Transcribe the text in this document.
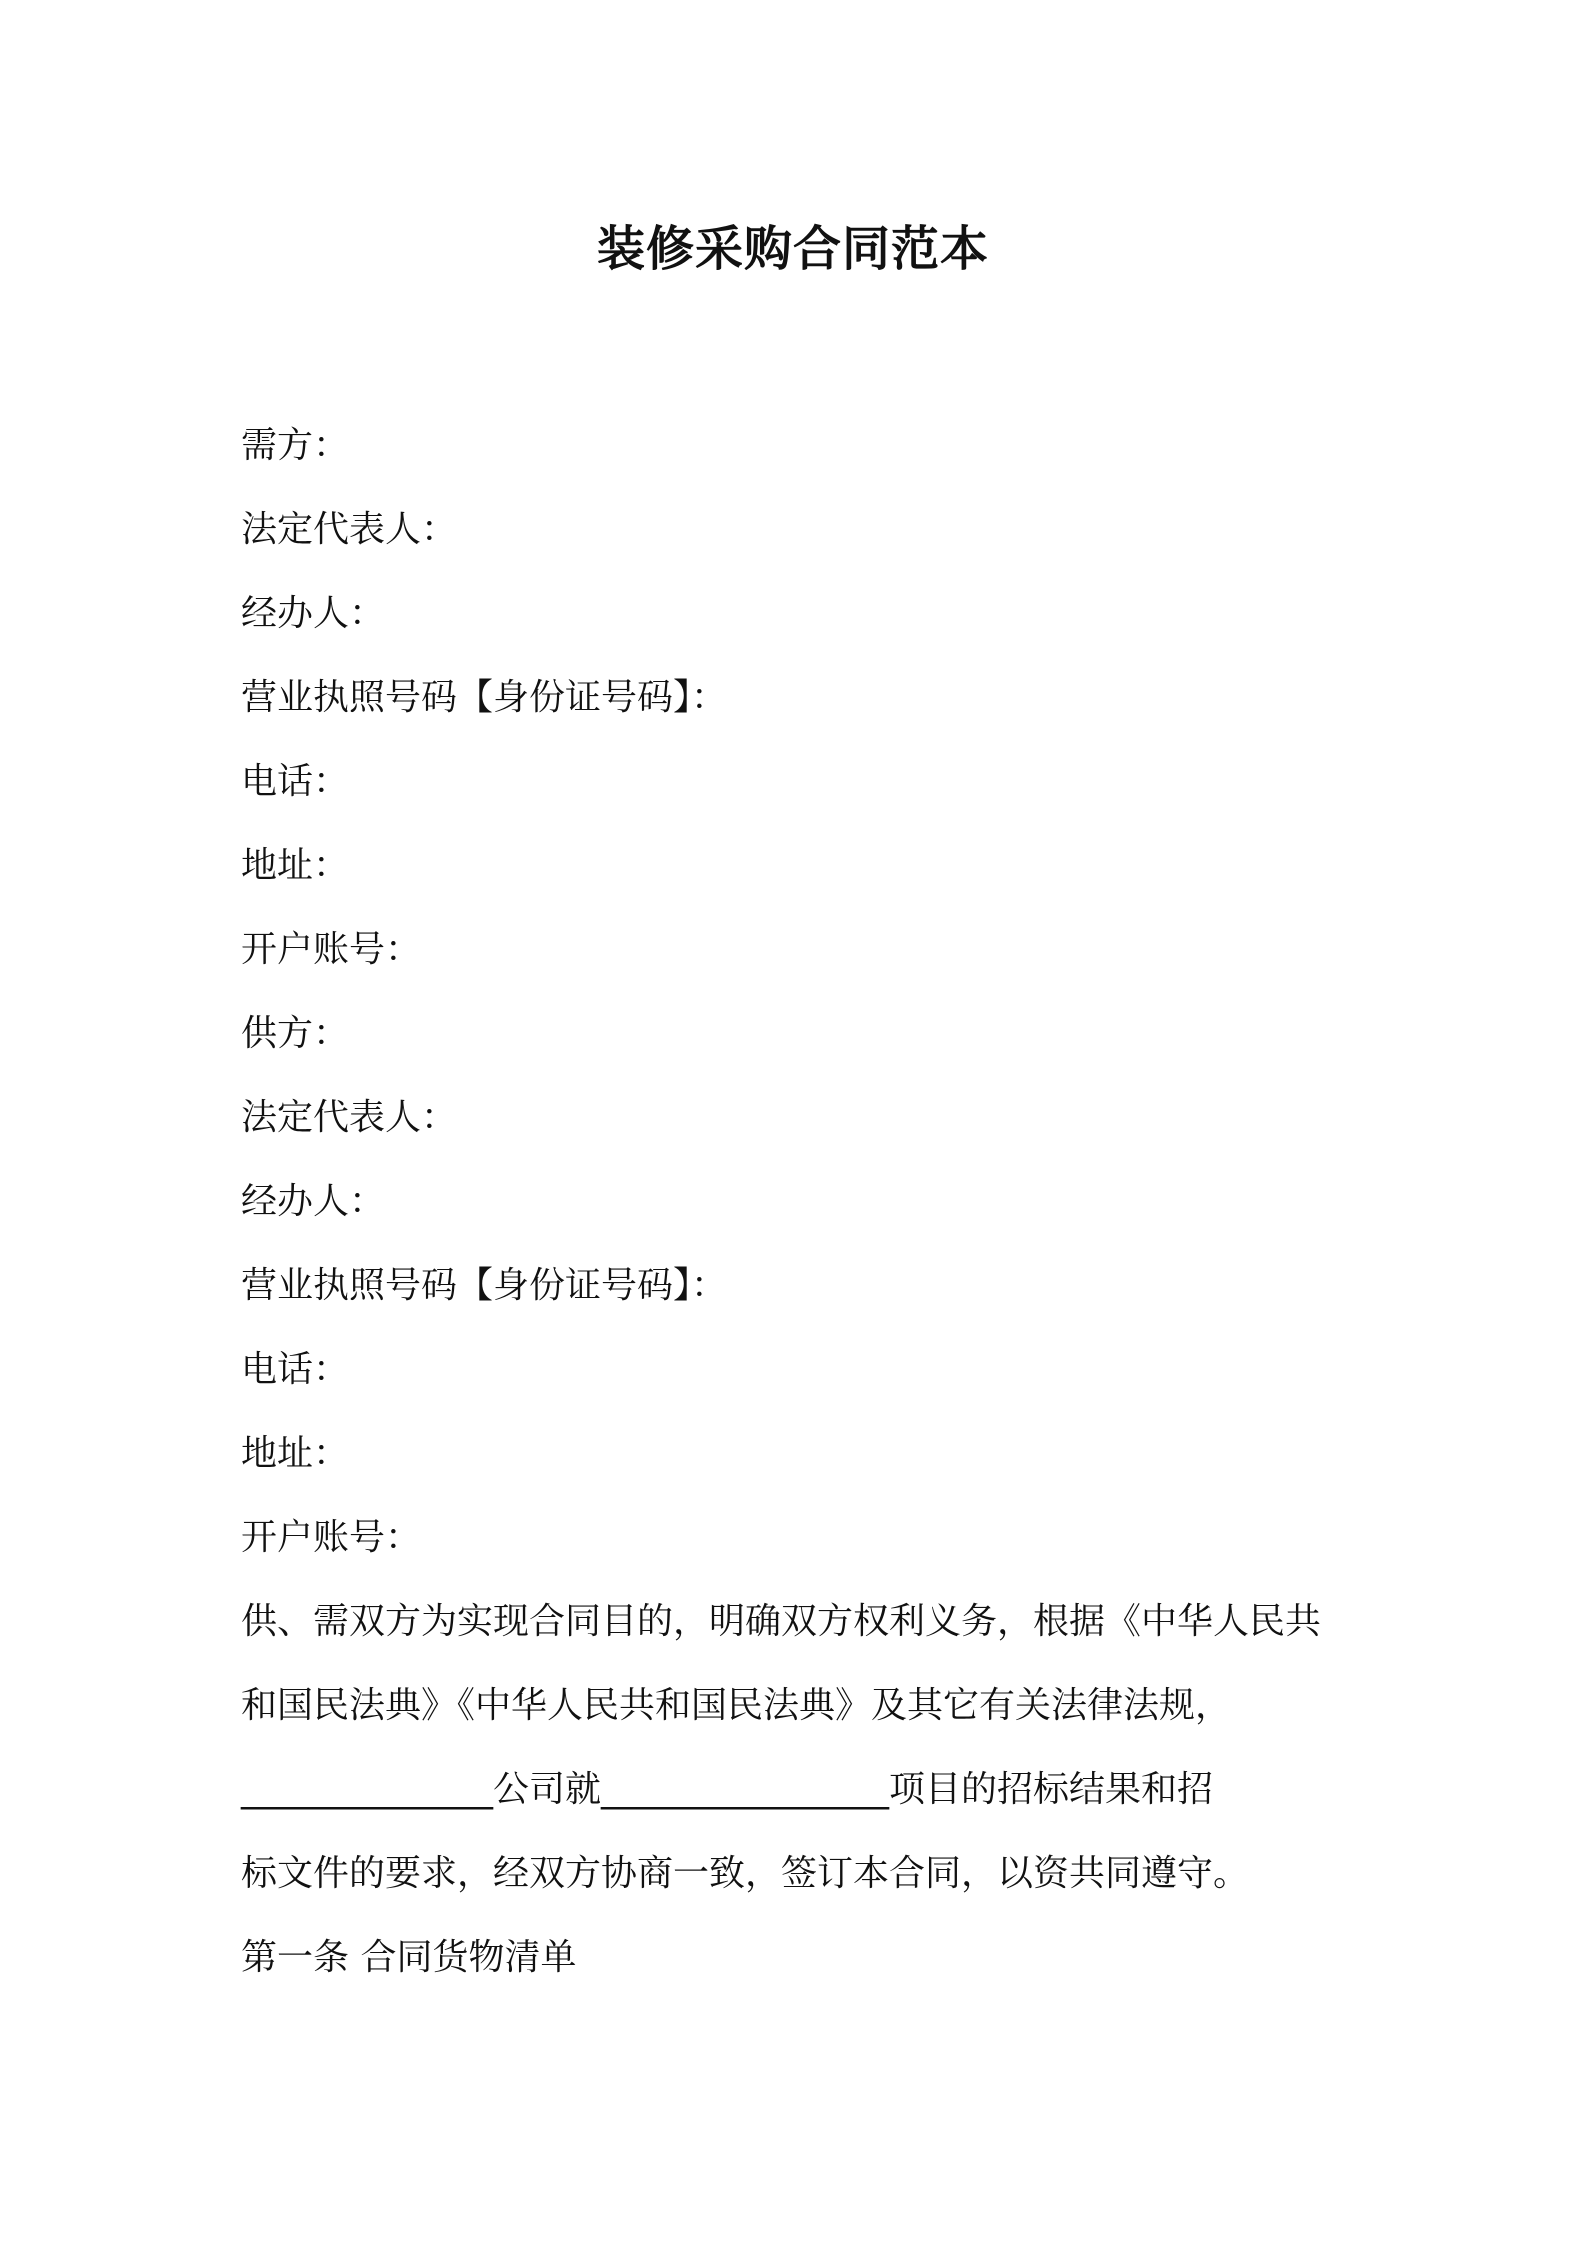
装修采购合同范本
需方：
法定代表人：
经办人：
营业执照号码【身份证号码】：
电话：
地址：
开户账号：
供方：
法定代表人：
经办人：
营业执照号码【身份证号码】：
电话：
地址：
开户账号：
供、需双方为实现合同目的，明确双方权利义务，根据《中华人民共
和国民法典》《中华人民共和国民法典》及其它有关法律法规，
______________公司就________________项目的招标结果和招
标文件的要求，经双方协商一致，签订本合同，以资共同遵守。
第一条 合同货物清单
